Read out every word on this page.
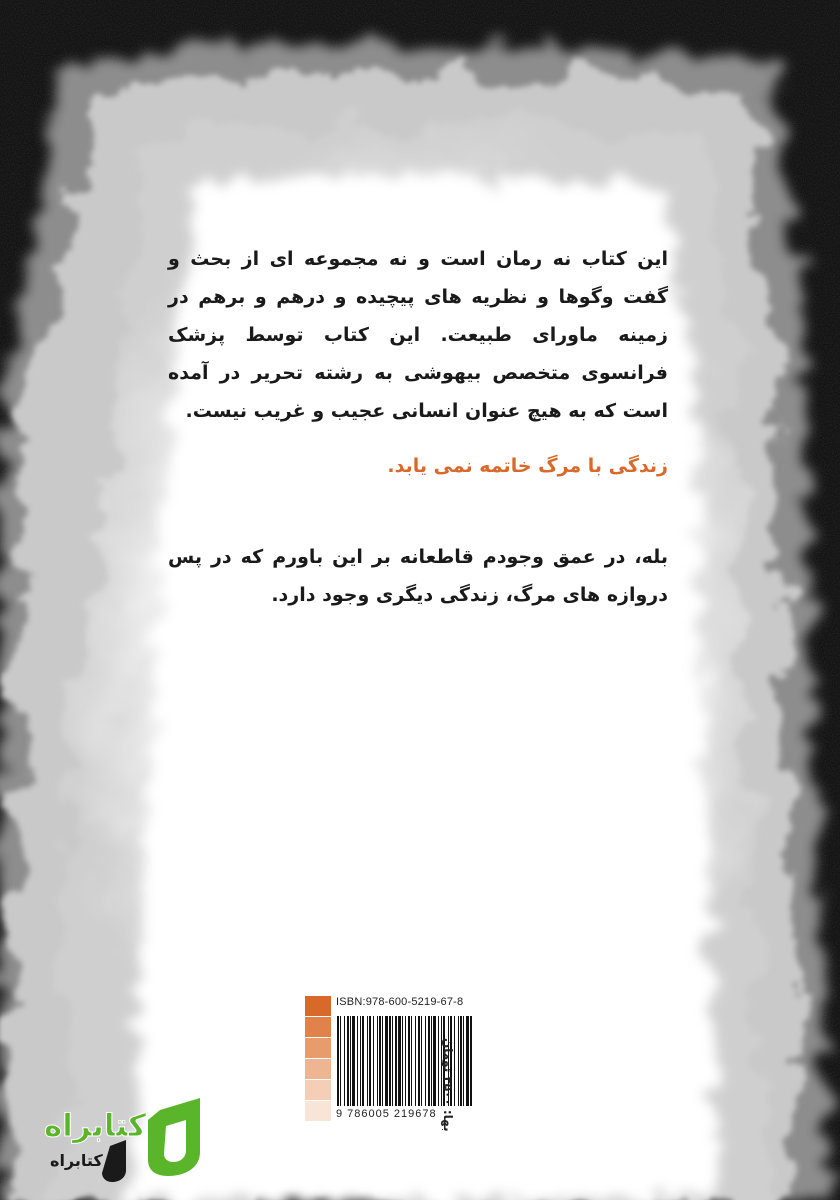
این کتاب نه رمان است و نه مجموعه ای از بحث و گفت وگوها و نظریه های پیچیده و درهم و برهم در زمینه ماورای طبیعت. این کتاب توسط پزشک فرانسوی متخصص بیهوشی به رشته تحریر در آمده است که به هیچ عنوان انسانی عجیب و غریب نیست.
زندگی با مرگ خاتمه نمی یابد.
بله، در عمق وجودم قاطعانه بر این باورم که در پس دروازه های مرگ، زندگی دیگری وجود دارد.
ISBN:978-600-5219-67-8
9 786005 219678
بها: ۳۵۰۰ تومان
کتابراه
کتابراه
